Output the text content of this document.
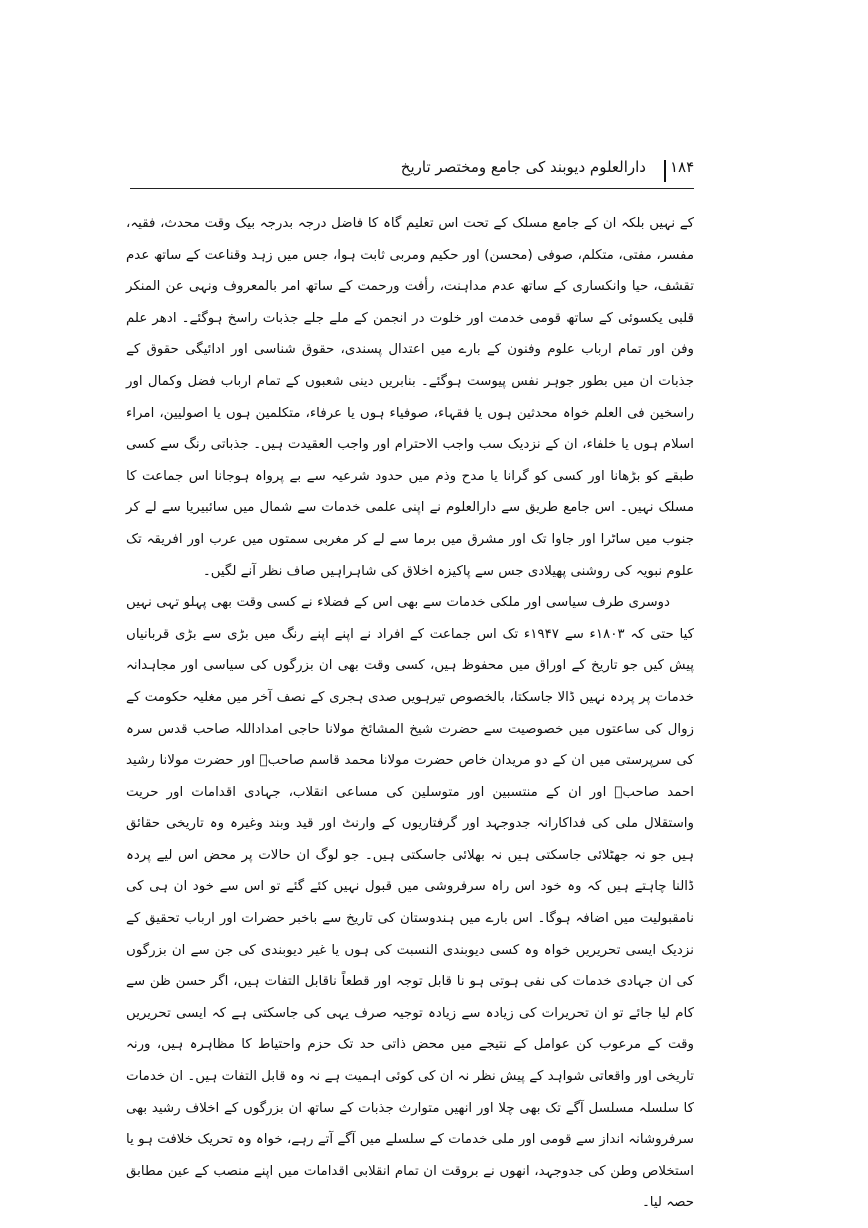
۱۸۴
دارالعلوم دیوبند کی جامع ومختصر تاریخ

کے نہیں بلکہ ان کے جامع مسلک کے تحت اس تعلیم گاہ کا فاضل درجہ بدرجہ بیک وقت محدث، فقیہ، مفسر، مفتی، متکلم، صوفی (محسن) اور حکیم ومربی ثابت ہوا، جس میں زہد وقناعت کے ساتھ عدم تقشف، حیا وانکساری کے ساتھ عدم مداہنت، رأفت ورحمت کے ساتھ امر بالمعروف ونہی عن المنکر قلبی یکسوئی کے ساتھ قومی خدمت اور خلوت در انجمن کے ملے جلے جذبات راسخ ہوگئے۔ ادھر علم وفن اور تمام ارباب علوم وفنون کے بارے میں اعتدال پسندی، حقوق شناسی اور ادائیگی حقوق کے جذبات ان میں بطور جوہر نفس پیوست ہوگئے۔ بنابریں دینی شعبوں کے تمام ارباب فضل وکمال اور راسخین فی العلم خواہ محدثین ہوں یا فقہاء، صوفیاء ہوں یا عرفاء، متکلمین ہوں یا اصولیین، امراء اسلام ہوں یا خلفاء، ان کے نزدیک سب واجب الاحترام اور واجب العقیدت ہیں۔ جذباتی رنگ سے کسی طبقے کو بڑھانا اور کسی کو گرانا یا مدح وذم میں حدود شرعیہ سے بے پرواہ ہوجانا اس جماعت کا مسلک نہیں۔ اس جامع طریق سے دارالعلوم نے اپنی علمی خدمات سے شمال میں سائبیریا سے لے کر جنوب میں ساٹرا اور جاوا تک اور مشرق میں برما سے لے کر مغربی سمتوں میں عرب اور افریقہ تک علوم نبویہ کی روشنی پھیلادی جس سے پاکیزہ اخلاق کی شاہراہیں صاف نظر آنے لگیں۔

دوسری طرف سیاسی اور ملکی خدمات سے بھی اس کے فضلاء نے کسی وقت بھی پہلو تہی نہیں کیا حتی کہ ۱۸۰۳ء سے ۱۹۴۷ء تک اس جماعت کے افراد نے اپنے اپنے رنگ میں بڑی سے بڑی قربانیاں پیش کیں جو تاریخ کے اوراق میں محفوظ ہیں، کسی وقت بھی ان بزرگوں کی سیاسی اور مجاہدانہ خدمات پر پردہ نہیں ڈالا جاسکتا، بالخصوص تیرہویں صدی ہجری کے نصف آخر میں مغلیہ حکومت کے زوال کی ساعتوں میں خصوصیت سے حضرت شیخ المشائخ مولانا حاجی امداداللہ صاحب قدس سرہ کی سرپرستی میں ان کے دو مریدان خاص حضرت مولانا محمد قاسم صاحبؒ اور حضرت مولانا رشید احمد صاحبؒ اور ان کے منتسبین اور متوسلین کی مساعی انقلاب، جہادی اقدامات اور حریت واستقلال ملی کی فداکارانہ جدوجہد اور گرفتاریوں کے وارنٹ اور قید وبند وغیرہ وہ تاریخی حقائق ہیں جو نہ جھٹلائی جاسکتی ہیں نہ بھلائی جاسکتی ہیں۔ جو لوگ ان حالات پر محض اس لیے پردہ ڈالنا چاہتے ہیں کہ وہ خود اس راہ سرفروشی میں قبول نہیں کئے گئے تو اس سے خود ان ہی کی نامقبولیت میں اضافہ ہوگا۔ اس بارے میں ہندوستان کی تاریخ سے باخبر حضرات اور ارباب تحقیق کے نزدیک ایسی تحریریں خواہ وہ کسی دیوبندی النسبت کی ہوں یا غیر دیوبندی کی جن سے ان بزرگوں کی ان جہادی خدمات کی نفی ہوتی ہو نا قابل توجہ اور قطعاً ناقابل التفات ہیں، اگر حسن ظن سے کام لیا جائے تو ان تحریرات کی زیادہ سے زیادہ توجیہ صرف یہی کی جاسکتی ہے کہ ایسی تحریریں وقت کے مرعوب کن عوامل کے نتیجے میں محض ذاتی حد تک حزم واحتیاط کا مظاہرہ ہیں، ورنہ تاریخی اور واقعاتی شواہد کے پیش نظر نہ ان کی کوئی اہمیت ہے نہ وہ قابل التفات ہیں۔ ان خدمات کا سلسلہ مسلسل آگے تک بھی چلا اور انھیں متوارث جذبات کے ساتھ ان بزرگوں کے اخلاف رشید بھی سرفروشانہ انداز سے قومی اور ملی خدمات کے سلسلے میں آگے آتے رہے، خواہ وہ تحریک خلافت ہو یا استخلاص وطن کی جدوجہد، انھوں نے بروقت ان تمام انقلابی اقدامات میں اپنے منصب کے عین مطابق حصہ لیا۔
